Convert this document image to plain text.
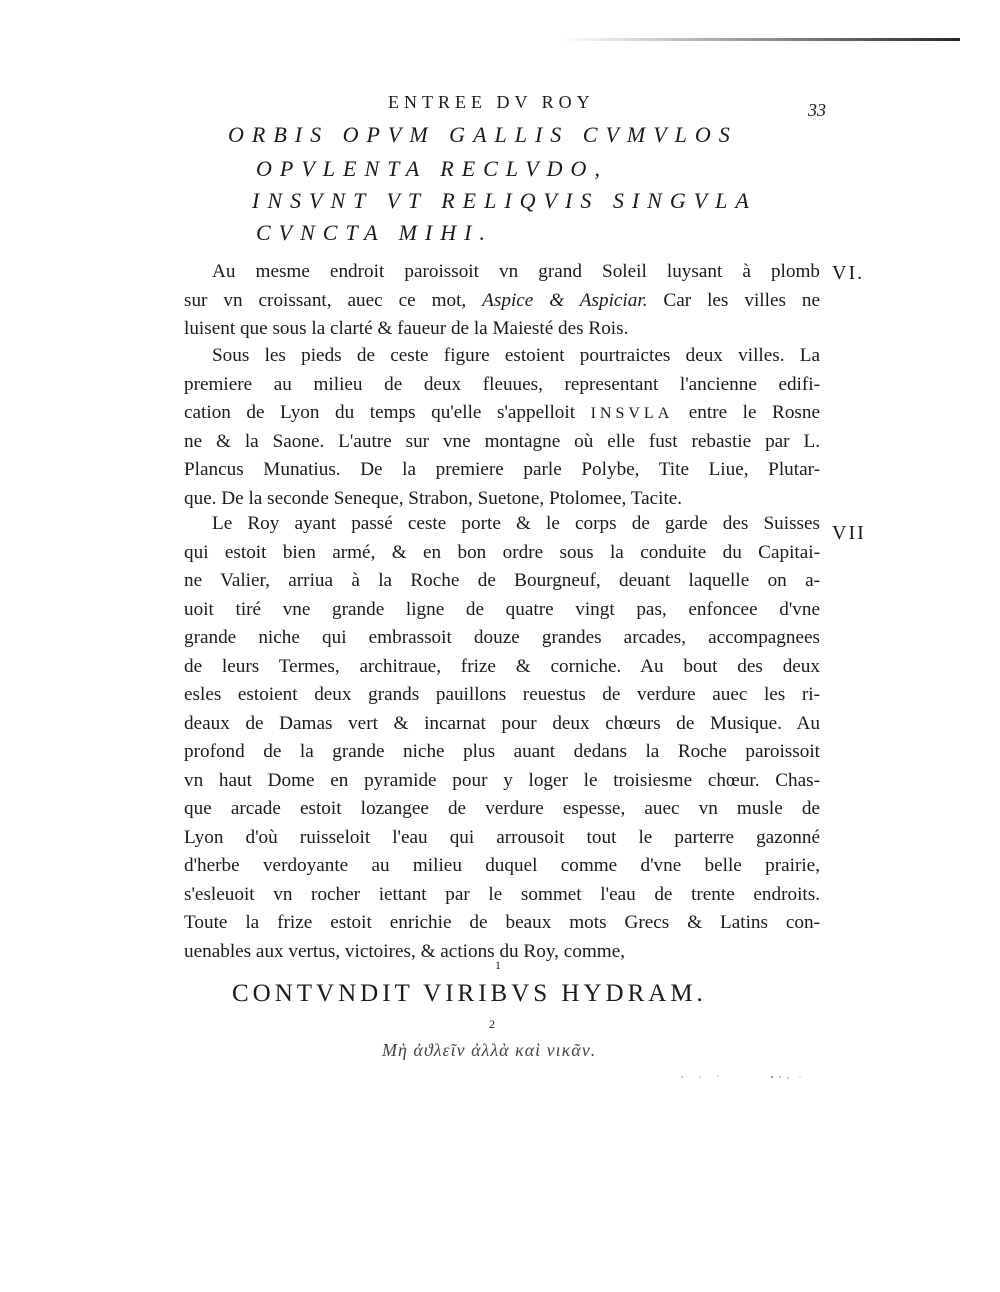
ENTREE DV ROY	33
ORBIS OPVM GALLIS CVMVLOS
OPVLENTA RECLVDO,
INSVNT VT RELIQVIS SINGVLA
CVNCTA MIHI.
VI.
VII
Au mesme endroit paroissoit vn grand Soleil luysant à plomb
sur vn croissant, auec ce mot, Aspice & Aspiciar. Car les villes ne
luisent que sous la clarté & faueur de la Maiesté des Rois.
Sous les pieds de ceste figure estoient pourtraictes deux villes. La
premiere au milieu de deux fleuues, representant l'ancienne edifi-
cation de Lyon du temps qu'elle s'appelloit INSVLA entre le Rosne
ne & la Saone. L'autre sur vne montagne où elle fust rebastie par L.
Plancus Munatius. De la premiere parle Polybe, Tite Liue, Plutar-
que. De la seconde Seneque, Strabon, Suetone, Ptolomee, Tacite.
Le Roy ayant passé ceste porte & le corps de garde des Suisses
qui estoit bien armé, & en bon ordre sous la conduite du Capitai-
ne Valier, arriua à la Roche de Bourgneuf, deuant laquelle on a-
uoit tiré vne grande ligne de quatre vingt pas, enfoncee d'vne
grande niche qui embrassoit douze grandes arcades, accompagnees
de leurs Termes, architraue, frize & corniche. Au bout des deux
esles estoient deux grands pauillons reuestus de verdure auec les ri-
deaux de Damas vert & incarnat pour deux chœurs de Musique. Au
profond de la grande niche plus auant dedans la Roche paroissoit
vn haut Dome en pyramide pour y loger le troisiesme chœur. Chas-
que arcade estoit lozangee de verdure espesse, auec vn musle de
Lyon d'où ruisseloit l'eau qui arrousoit tout le parterre gazonné
d'herbe verdoyante au milieu duquel comme d'vne belle prairie,
s'esleuoit vn rocher iettant par le sommet l'eau de trente endroits.
Toute la frize estoit enrichie de beaux mots Grecs & Latins con-
uenables aux vertus, victoires, & actions du Roy, comme,
1
CONTVNDIT VIRIBVS HYDRAM.
2
Μὴ ἀϑλεῖν ἀλλὰ καὶ νικᾶν.
